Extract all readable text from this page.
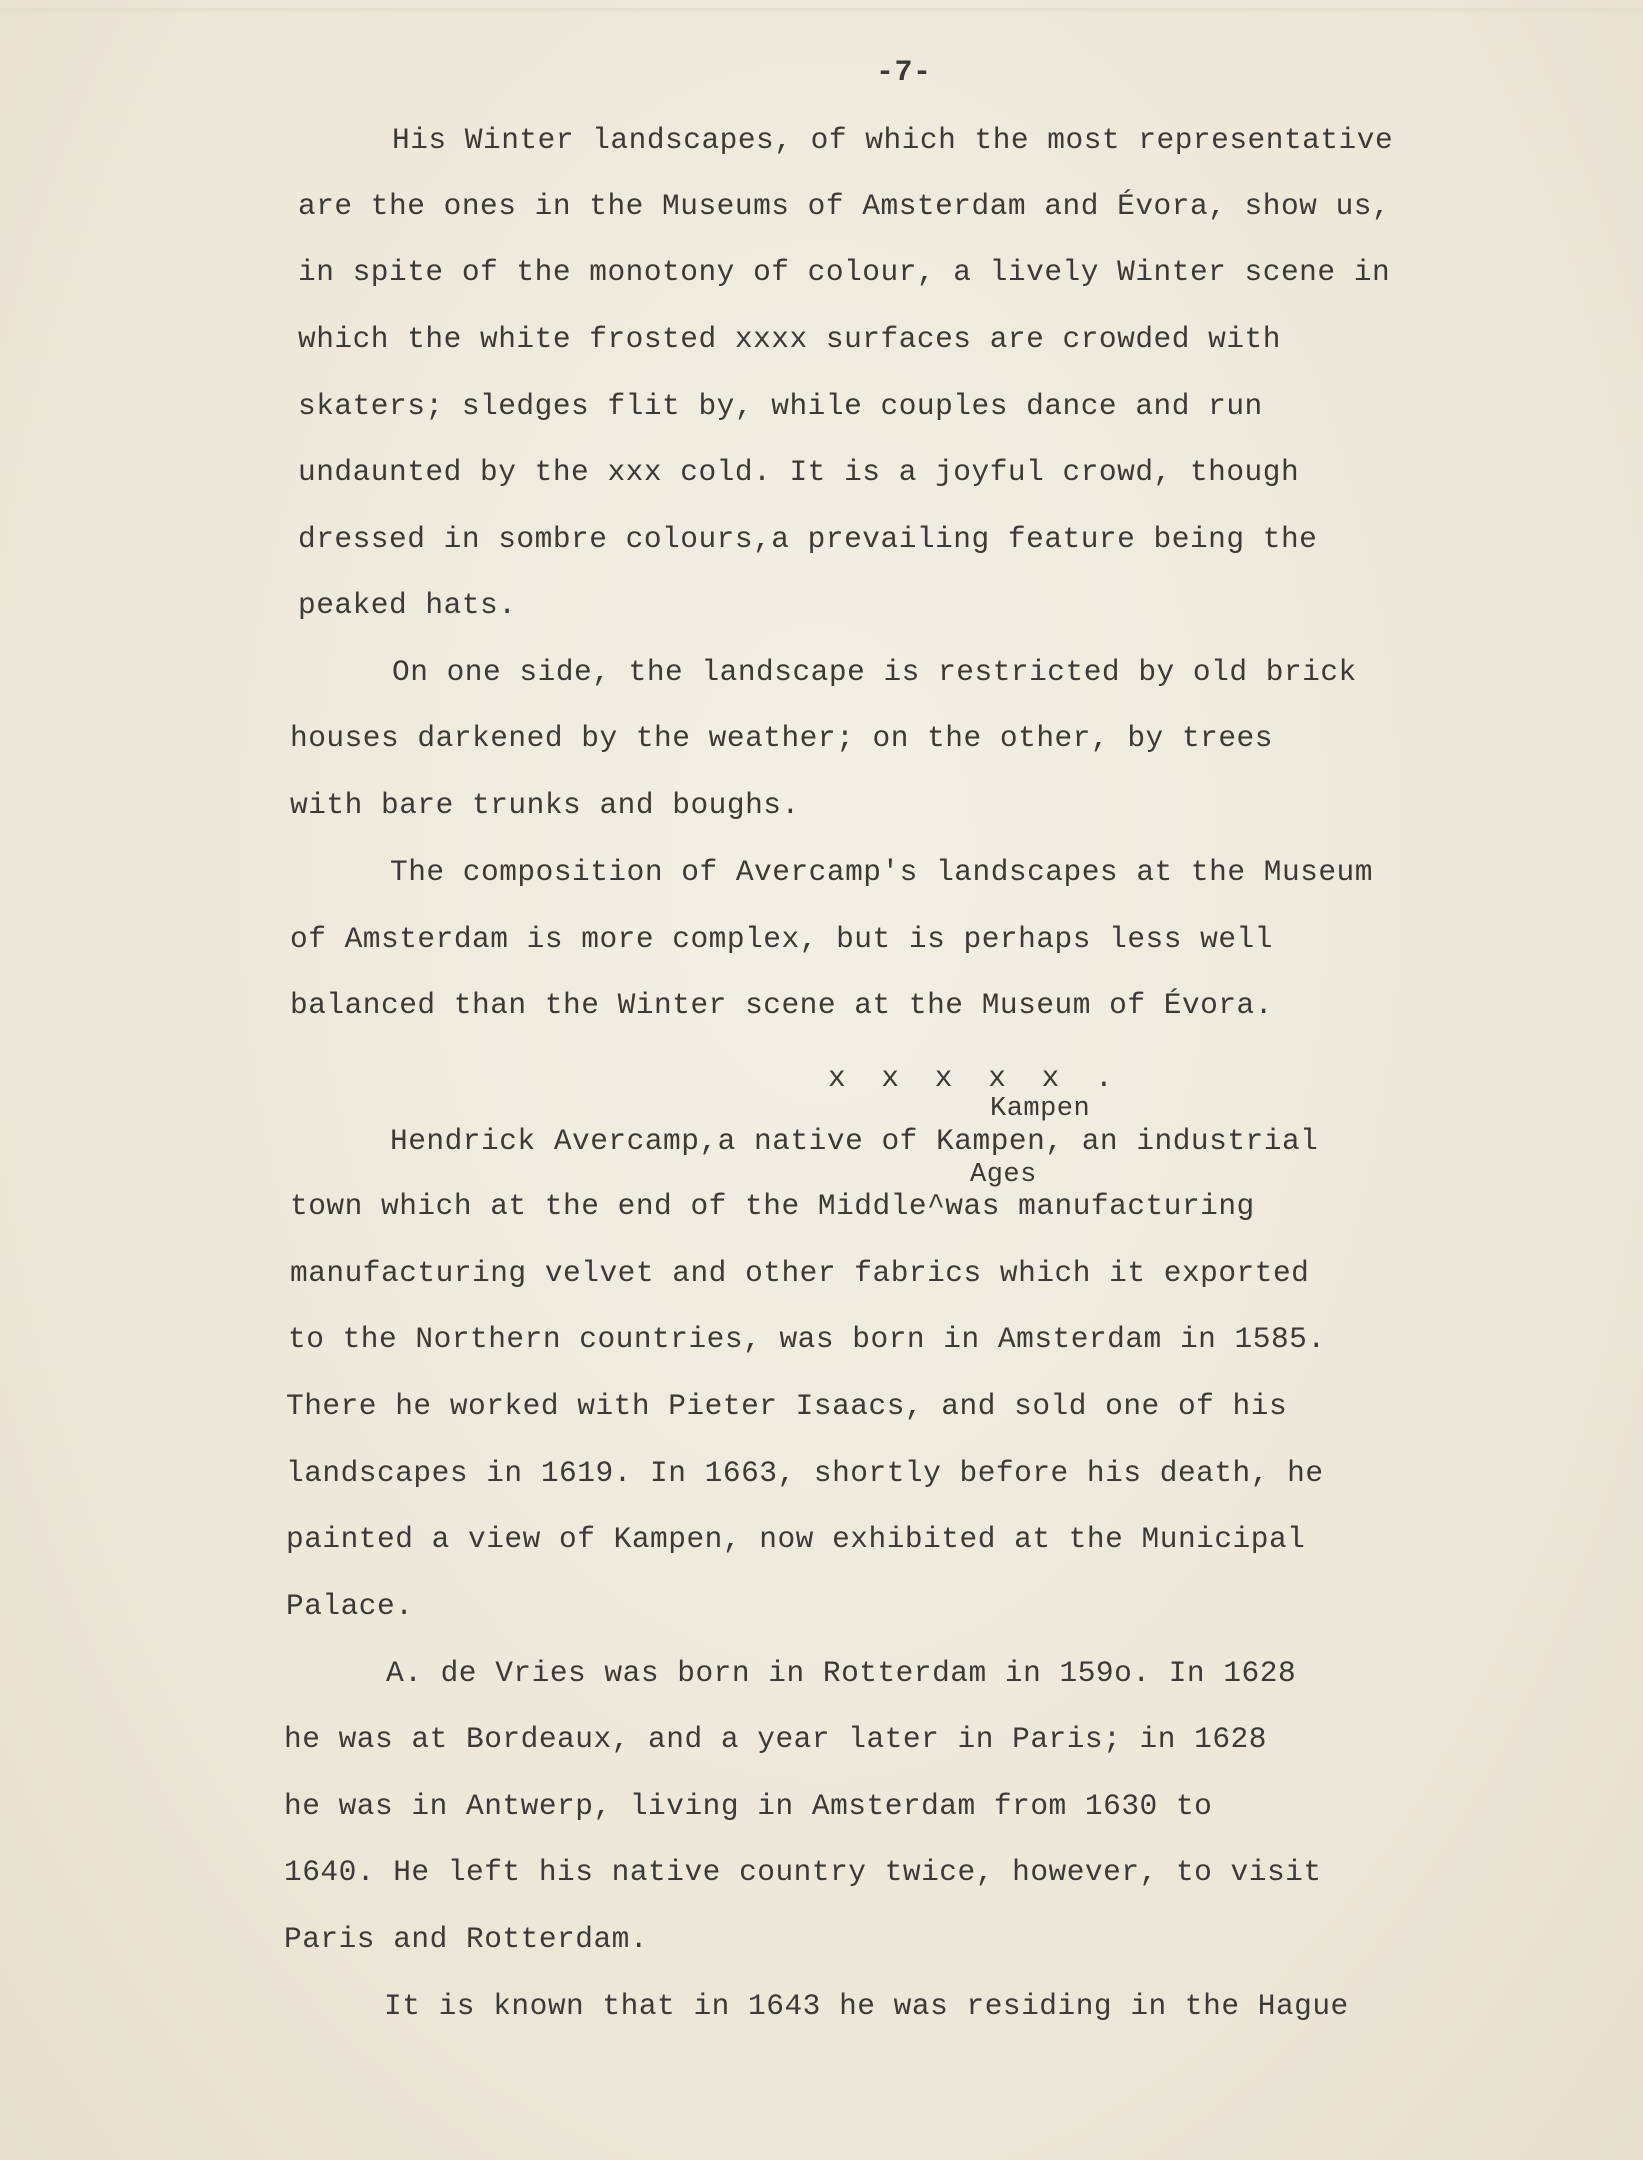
-7-
His Winter landscapes, of which the most representative
are the ones in the Museums of Amsterdam and Évora, show us,
in spite of the monotony of colour, a lively Winter scene in
which the white frosted xxxx surfaces are crowded with
skaters; sledges flit by, while couples dance and run
undaunted by the xxx cold. It is a joyful crowd, though
dressed in sombre colours,a prevailing feature being the
peaked hats.
On one side, the landscape is restricted by old brick
houses darkened by the weather; on the other, by trees
with bare trunks and boughs.
The composition of Avercamp's landscapes at the Museum
of Amsterdam is more complex, but is perhaps less well
balanced than the Winter scene at the Museum of Évora.
x x x x x .
Kampen
Hendrick Avercamp,a native of Kampen, an industrial
Ages
town which at the end of the Middle^was manufacturing
manufacturing velvet and other fabrics which it exported
to the Northern countries, was born in Amsterdam in 1585.
There he worked with Pieter Isaacs, and sold one of his
landscapes in 1619. In 1663, shortly before his death, he
painted a view of Kampen, now exhibited at the Municipal
Palace.
A. de Vries was born in Rotterdam in 159o. In 1628
he was at Bordeaux, and a year later in Paris; in 1628
he was in Antwerp, living in Amsterdam from 1630 to
1640. He left his native country twice, however, to visit
Paris and Rotterdam.
It is known that in 1643 he was residing in the Hague
